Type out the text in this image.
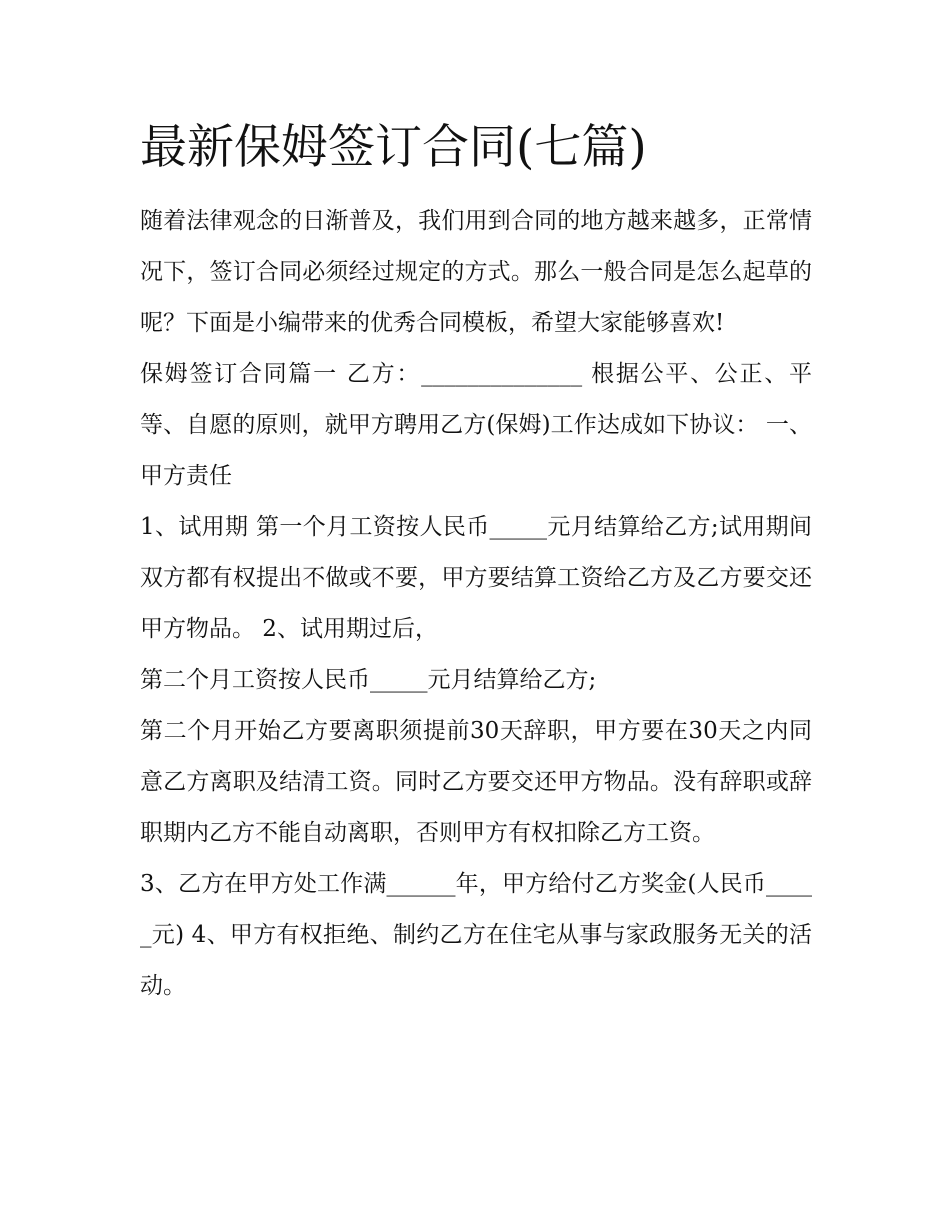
最新保姆签订合同(七篇)

随着法律观念的日渐普及，我们用到合同的地方越来越多，正常情况下，签订合同必须经过规定的方式。那么一般合同是怎么起草的呢？下面是小编带来的优秀合同模板，希望大家能够喜欢!

保姆签订合同篇一 乙方：______________ 根据公平、公正、平等、自愿的原则，就甲方聘用乙方(保姆)工作达成如下协议： 一、甲方责任

1、试用期 第一个月工资按人民币_____元月结算给乙方;试用期间双方都有权提出不做或不要，甲方要结算工资给乙方及乙方要交还甲方物品。 2、试用期过后，

第二个月工资按人民币_____元月结算给乙方;

第二个月开始乙方要离职须提前30天辞职，甲方要在30天之内同意乙方离职及结清工资。同时乙方要交还甲方物品。没有辞职或辞职期内乙方不能自动离职，否则甲方有权扣除乙方工资。

3、乙方在甲方处工作满______年，甲方给付乙方奖金(人民币_____元) 4、甲方有权拒绝、制约乙方在住宅从事与家政服务无关的活动。
